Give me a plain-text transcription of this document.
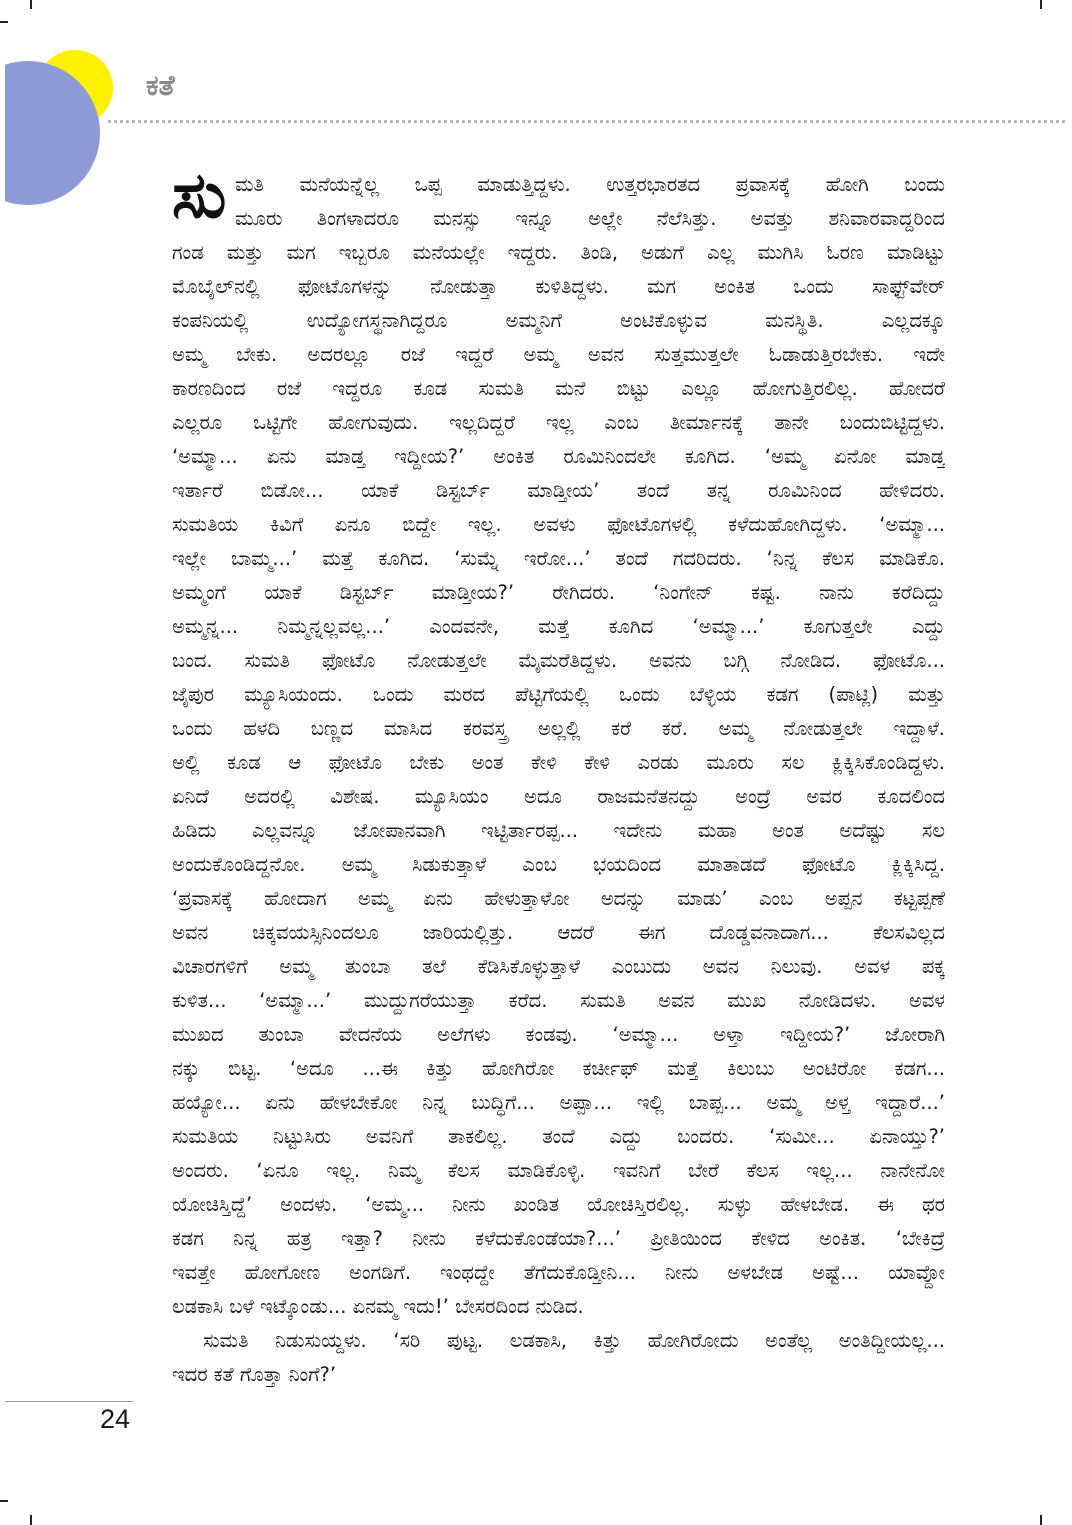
ಕತೆ
ಸು ಮತಿ ಮನೆಯನ್ನೆಲ್ಲ ಒಪ್ಪ ಮಾಡುತ್ತಿದ್ದಳು. ಉತ್ತರಭಾರತದ ಪ್ರವಾಸಕ್ಕೆ ಹೋಗಿ ಬಂದು
ಮೂರು ತಿಂಗಳಾದರೂ ಮನಸ್ಸು ಇನ್ನೂ ಅಲ್ಲೇ ನೆಲೆಸಿತ್ತು. ಅವತ್ತು ಶನಿವಾರವಾದ್ದರಿಂದ
ಗಂಡ ಮತ್ತು ಮಗ ಇಬ್ಬರೂ ಮನೆಯಲ್ಲೇ ಇದ್ದರು. ತಿಂಡಿ, ಅಡುಗೆ ಎಲ್ಲ ಮುಗಿಸಿ ಓರಣ ಮಾಡಿಟ್ಟು
ಮೊಬೈಲ್‌ನಲ್ಲಿ ಫೋಟೊಗಳನ್ನು ನೋಡುತ್ತಾ ಕುಳಿತಿದ್ದಳು. ಮಗ ಅಂಕಿತ ಒಂದು ಸಾಫ್ಟ್‌ವೇರ್
ಕಂಪನಿಯಲ್ಲಿ ಉದ್ಯೋಗಸ್ಥನಾಗಿದ್ದರೂ ಅಮ್ಮನಿಗೆ ಅಂಟಿಕೊಳ್ಳುವ ಮನಸ್ಥಿತಿ. ಎಲ್ಲದಕ್ಕೂ
ಅಮ್ಮ ಬೇಕು. ಅದರಲ್ಲೂ ರಜೆ ಇದ್ದರೆ ಅಮ್ಮ ಅವನ ಸುತ್ತಮುತ್ತಲೇ ಓಡಾಡುತ್ತಿರಬೇಕು. ಇದೇ
ಕಾರಣದಿಂದ ರಜೆ ಇದ್ದರೂ ಕೂಡ ಸುಮತಿ ಮನೆ ಬಿಟ್ಟು ಎಲ್ಲೂ ಹೋಗುತ್ತಿರಲಿಲ್ಲ. ಹೋದರೆ
ಎಲ್ಲರೂ ಒಟ್ಟಿಗೇ ಹೋಗುವುದು. ಇಲ್ಲದಿದ್ದರೆ ಇಲ್ಲ ಎಂಬ ತೀರ್ಮಾನಕ್ಕೆ ತಾನೇ ಬಂದುಬಿಟ್ಟಿದ್ದಳು.
‘ಅಮ್ಮಾ... ಏನು ಮಾಡ್ತ ಇದ್ದೀಯ?’ ಅಂಕಿತ ರೂಮಿನಿಂದಲೇ ಕೂಗಿದ. ‘ಅಮ್ಮ ಏನೋ ಮಾಡ್ತ
ಇರ್ತಾರೆ ಬಿಡೋ... ಯಾಕೆ ಡಿಸ್ಟರ್ಬ್ ಮಾಡ್ತೀಯ’ ತಂದೆ ತನ್ನ ರೂಮಿನಿಂದ ಹೇಳಿದರು.
ಸುಮತಿಯ ಕಿವಿಗೆ ಏನೂ ಬಿದ್ದೇ ಇಲ್ಲ. ಅವಳು ಫೋಟೊಗಳಲ್ಲಿ ಕಳೆದುಹೋಗಿದ್ದಳು. ‘ಅಮ್ಮಾ...
ಇಲ್ಲೇ ಬಾಮ್ಮ...’ ಮತ್ತೆ ಕೂಗಿದ. ‘ಸುಮ್ನೆ ಇರೋ...’ ತಂದೆ ಗದರಿದರು. ‘ನಿನ್ನ ಕೆಲಸ ಮಾಡಿಕೊ.
ಅಮ್ಮಂಗೆ ಯಾಕೆ ಡಿಸ್ಟರ್ಬ್ ಮಾಡ್ತೀಯ?’ ರೇಗಿದರು. ‘ನಿಂಗೇನ್ ಕಷ್ಟ. ನಾನು ಕರೆದಿದ್ದು
ಅಮ್ಮನ್ನ... ನಿಮ್ಮನ್ನಲ್ಲವಲ್ಲ...’ ಎಂದವನೇ, ಮತ್ತೆ ಕೂಗಿದ ‘ಅಮ್ಮಾ...’ ಕೂಗುತ್ತಲೇ ಎದ್ದು
ಬಂದ. ಸುಮತಿ ಫೋಟೊ ನೋಡುತ್ತಲೇ ಮೈಮರೆತಿದ್ದಳು. ಅವನು ಬಗ್ಗಿ ನೋಡಿದ. ಫೋಟೊ...
ಜೈಪುರ ಮ್ಯೂಸಿಯಂದು. ಒಂದು ಮರದ ಪೆಟ್ಟಿಗೆಯಲ್ಲಿ ಒಂದು ಬೆಳ್ಳಿಯ ಕಡಗ (ಪಾಟ್ಲಿ) ಮತ್ತು
ಒಂದು ಹಳದಿ ಬಣ್ಣದ ಮಾಸಿದ ಕರವಸ್ತ್ರ ಅಲ್ಲಲ್ಲಿ ಕರೆ ಕರೆ. ಅಮ್ಮ ನೋಡುತ್ತಲೇ ಇದ್ದಾಳೆ.
ಅಲ್ಲಿ ಕೂಡ ಆ ಫೋಟೊ ಬೇಕು ಅಂತ ಕೇಳಿ ಕೇಳಿ ಎರಡು ಮೂರು ಸಲ ಕ್ಲಿಕ್ಕಿಸಿಕೊಂಡಿದ್ದಳು.
ಏನಿದೆ ಅದರಲ್ಲಿ ವಿಶೇಷ. ಮ್ಯೂಸಿಯಂ ಅದೂ ರಾಜಮನೆತನದ್ದು ಅಂದ್ರೆ ಅವರ ಕೂದಲಿಂದ
ಹಿಡಿದು ಎಲ್ಲವನ್ನೂ ಜೋಪಾನವಾಗಿ ಇಟ್ಟಿರ್ತಾರಪ್ಪ... ಇದೇನು ಮಹಾ ಅಂತ ಅದೆಷ್ಟು ಸಲ
ಅಂದುಕೊಂಡಿದ್ದನೋ. ಅಮ್ಮ ಸಿಡುಕುತ್ತಾಳೆ ಎಂಬ ಭಯದಿಂದ ಮಾತಾಡದೆ ಫೋಟೊ ಕ್ಲಿಕ್ಕಿಸಿದ್ದ.
‘ಪ್ರವಾಸಕ್ಕೆ ಹೋದಾಗ ಅಮ್ಮ ಏನು ಹೇಳುತ್ತಾಳೋ ಅದನ್ನು ಮಾಡು’ ಎಂಬ ಅಪ್ಪನ ಕಟ್ಟಪ್ಪಣೆ
ಅವನ ಚಿಕ್ಕವಯಸ್ಸಿನಿಂದಲೂ ಜಾರಿಯಲ್ಲಿತ್ತು. ಆದರೆ ಈಗ ದೊಡ್ಡವನಾದಾಗ... ಕೆಲಸವಿಲ್ಲದ
ವಿಚಾರಗಳಿಗೆ ಅಮ್ಮ ತುಂಬಾ ತಲೆ ಕೆಡಿಸಿಕೊಳ್ಳುತ್ತಾಳೆ ಎಂಬುದು ಅವನ ನಿಲುವು. ಅವಳ ಪಕ್ಕ
ಕುಳಿತ... ‘ಅಮ್ಮಾ...’ ಮುದ್ದುಗರೆಯುತ್ತಾ ಕರೆದ. ಸುಮತಿ ಅವನ ಮುಖ ನೋಡಿದಳು. ಅವಳ
ಮುಖದ ತುಂಬಾ ವೇದನೆಯ ಅಲೆಗಳು ಕಂಡವು. ‘ಅಮ್ಮಾ... ಅಳ್ತಾ ಇದ್ದೀಯ?’ ಜೋರಾಗಿ
ನಕ್ಕು ಬಿಟ್ಟ. ‘ಅದೂ ...ಈ ಕಿತ್ತು ಹೋಗಿರೋ ಕರ್ಚೀಫ್ ಮತ್ತೆ ಕಿಲುಬು ಅಂಟಿರೋ ಕಡಗ...
ಹಯ್ಯೋ... ಏನು ಹೇಳಬೇಕೋ ನಿನ್ನ ಬುದ್ಧಿಗೆ... ಅಪ್ಪಾ... ಇಲ್ಲಿ ಬಾಪ್ಪ... ಅಮ್ಮ ಅಳ್ತ ಇದ್ದಾರೆ...’
ಸುಮತಿಯ ನಿಟ್ಟುಸಿರು ಅವನಿಗೆ ತಾಕಲಿಲ್ಲ. ತಂದೆ ಎದ್ದು ಬಂದರು. ‘ಸುಮೀ... ಏನಾಯ್ತು?’
ಅಂದರು. ‘ಏನೂ ಇಲ್ಲ. ನಿಮ್ಮ ಕೆಲಸ ಮಾಡಿಕೊಳ್ಳಿ. ಇವನಿಗೆ ಬೇರೆ ಕೆಲಸ ಇಲ್ಲ... ನಾನೇನೋ
ಯೋಚಿಸ್ತಿದ್ದೆ’ ಅಂದಳು. ‘ಅಮ್ಮ... ನೀನು ಖಂಡಿತ ಯೋಚಿಸ್ತಿರಲಿಲ್ಲ. ಸುಳ್ಳು ಹೇಳಬೇಡ. ಈ ಥರ
ಕಡಗ ನಿನ್ನ ಹತ್ರ ಇತ್ತಾ? ನೀನು ಕಳೆದುಕೊಂಡೆಯಾ?...’ ಪ್ರೀತಿಯಿಂದ ಕೇಳಿದ ಅಂಕಿತ. ‘ಬೇಕಿದ್ರೆ
ಇವತ್ತೇ ಹೋಗೋಣ ಅಂಗಡಿಗೆ. ಇಂಥದ್ದೇ ತೆಗೆದುಕೊಡ್ತೀನಿ... ನೀನು ಅಳಬೇಡ ಅಷ್ಟೆ... ಯಾವ್ದೋ
ಲಡಕಾಸಿ ಬಳೆ ಇಟ್ಕೊಂಡು... ಏನಮ್ಮ ಇದು!’ ಬೇಸರದಿಂದ ನುಡಿದ.
ಸುಮತಿ ನಿಡುಸುಯ್ದಳು. ‘ಸರಿ ಪುಟ್ಟ. ಲಡಕಾಸಿ, ಕಿತ್ತು ಹೋಗಿರೋದು ಅಂತೆಲ್ಲ ಅಂತಿದ್ದೀಯಲ್ಲ...
ಇದರ ಕತೆ ಗೊತ್ತಾ ನಿಂಗೆ?’
24
